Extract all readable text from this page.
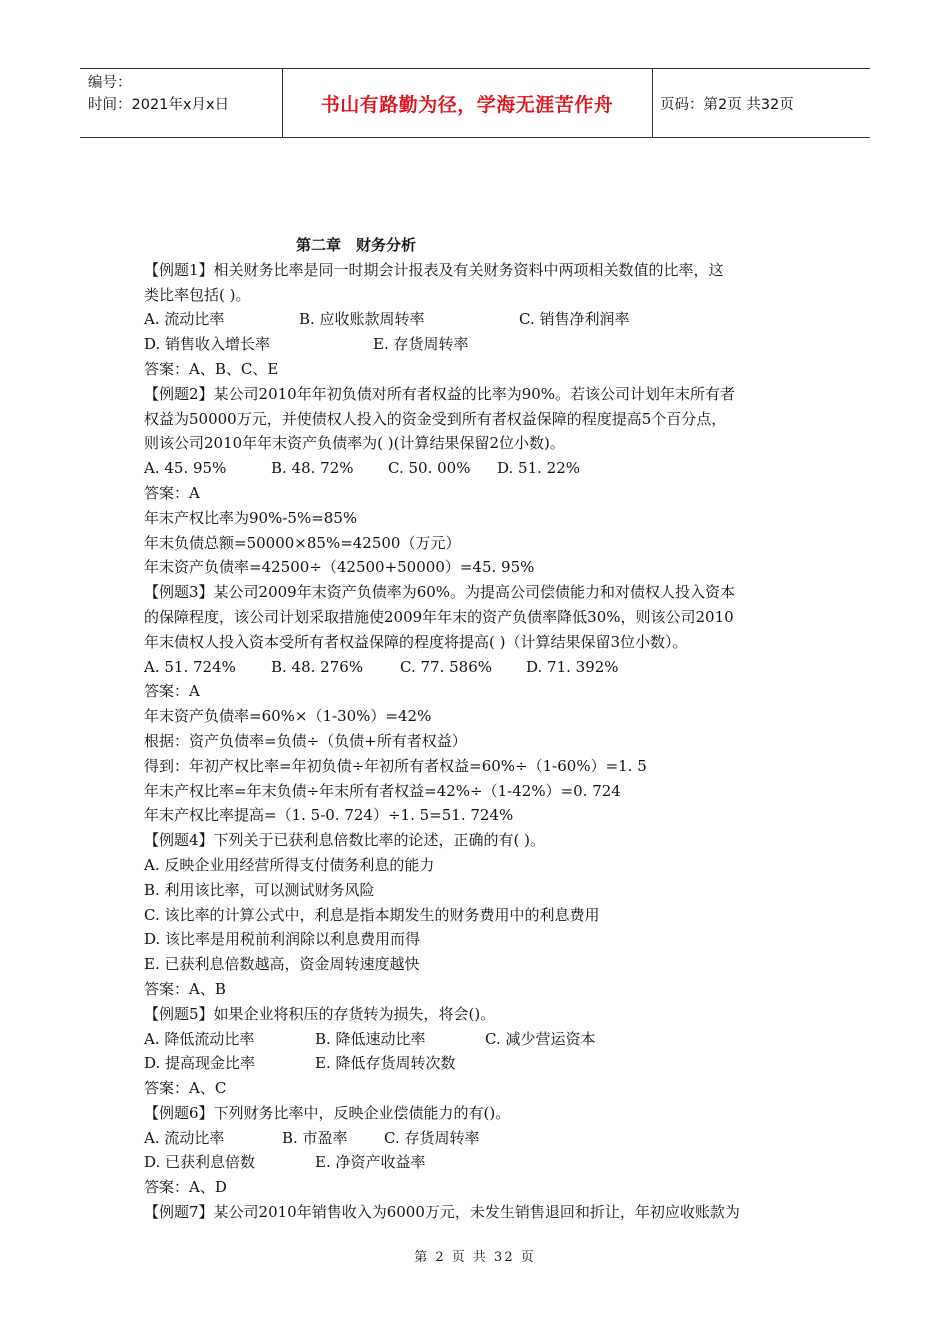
编号：
时间：2021年x月x日	书山有路勤为径，学海无涯苦作舟	页码：第2页 共32页
第二章　财务分析
【例题1】相关财务比率是同一时期会计报表及有关财务资料中两项相关数值的比率，这
类比率包括( )。
A. 流动比率	B. 应收账款周转率	C. 销售净利润率
D. 销售收入增长率	E. 存货周转率
答案：A、B、C、E
【例题2】某公司2010年年初负债对所有者权益的比率为90%。若该公司计划年末所有者
权益为50000万元，并使债权人投入的资金受到所有者权益保障的程度提高5个百分点，
则该公司2010年年末资产负债率为( )(计算结果保留2位小数)。
A. 45. 95%	B. 48. 72% C. 50. 00% D. 51. 22%
答案：A
年末产权比率为90%-5%=85%
年末负债总额=50000×85%=42500（万元）
年末资产负债率=42500÷（42500+50000）=45. 95%
【例题3】某公司2009年末资产负债率为60%。为提高公司偿债能力和对债权人投入资本
的保障程度，该公司计划采取措施使2009年年末的资产负债率降低30%，则该公司2010
年末债权人投入资本受所有者权益保障的程度将提高( )（计算结果保留3位小数）。
A. 51. 724% B. 48. 276% C. 77. 586% D. 71. 392%
答案：A
年末资产负债率=60%×（1-30%）=42%
根据：资产负债率=负债÷（负债+所有者权益）
得到：年初产权比率=年初负债÷年初所有者权益=60%÷（1-60%）=1. 5
年末产权比率=年末负债÷年末所有者权益=42%÷（1-42%）=0. 724
年末产权比率提高=（1. 5-0. 724）÷1. 5=51. 724%
【例题4】下列关于已获利息倍数比率的论述，正确的有( )。
A. 反映企业用经营所得支付债务利息的能力
B. 利用该比率，可以测试财务风险
C. 该比率的计算公式中，利息是指本期发生的财务费用中的利息费用
D. 该比率是用税前利润除以利息费用而得
E. 已获利息倍数越高，资金周转速度越快
答案：A、B
【例题5】如果企业将积压的存货转为损失，将会()。
A. 降低流动比率	B. 降低速动比率	C. 减少营运资本
D. 提高现金比率	E. 降低存货周转次数
答案：A、C
【例题6】下列财务比率中，反映企业偿债能力的有()。
A. 流动比率	B. 市盈率 C. 存货周转率
D. 已获利息倍数	E. 净资产收益率
答案：A、D
【例题7】某公司2010年销售收入为6000万元，未发生销售退回和折让，年初应收账款为
第 2 页 共 32 页
